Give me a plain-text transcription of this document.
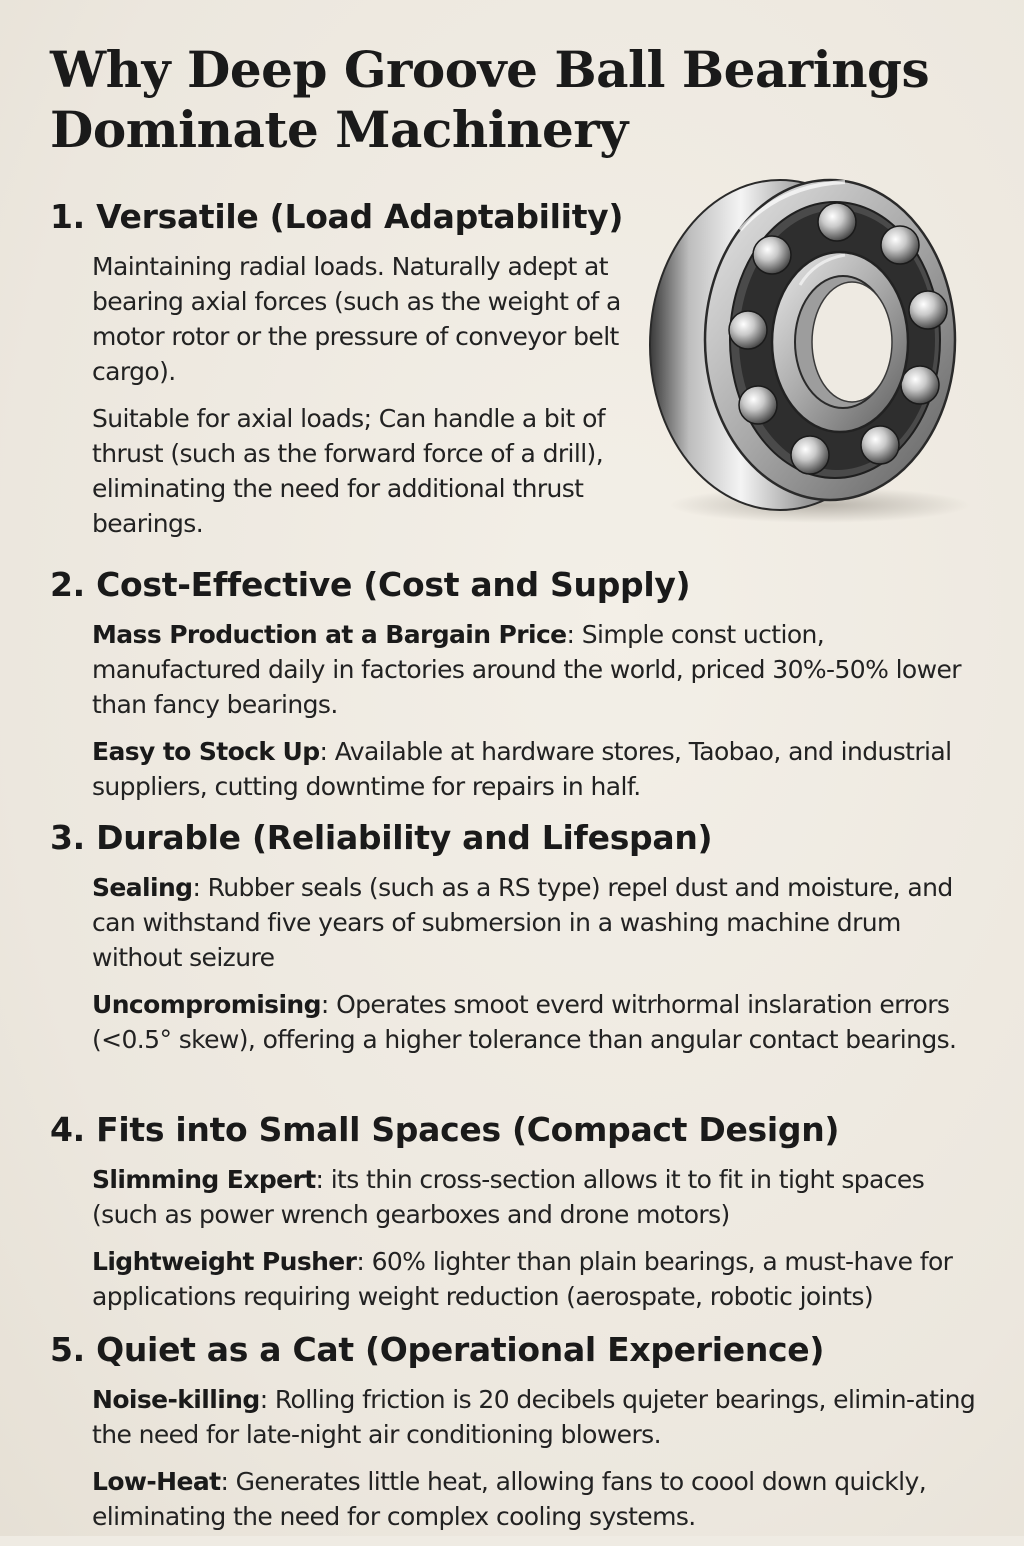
Why Deep Groove Ball Bearings
Dominate Machinery
1. Versatile (Load Adaptability)

Maintaining radial loads. Naturally adept at bearing axial forces (such as the weight of a motor rotor or the pressure of conveyor belt cargo).

Suitable for axial loads; Can handle a bit of thrust (such as the forward force of a drill), eliminating the need for additional thrust bearings.

2. Cost-Effective (Cost and Supply)

Mass Production at a Bargain Price: Simple const uction, manufactured daily in factories around the world, priced 30%-50% lower than fancy bearings.

Easy to Stock Up: Available at hardware stores, Taobao, and industrial suppliers, cutting downtime for repairs in half.

3. Durable (Reliability and Lifespan)

Sealing: Rubber seals (such as a RS type) repel dust and moisture, and can withstand five years of submersion in a washing machine drum without seizure

Uncompromising: Operates smoot everd witrhormal inslaration errors (<0.5° skew), offering a higher tolerance than angular contact bearings.

4. Fits into Small Spaces (Compact Design)

Slimming Expert: its thin cross-section allows it to fit in tight spaces (such as power wrench gearboxes and drone motors)

Lightweight Pusher: 60% lighter than plain bearings, a must-have for applications requiring weight reduction (aerospate, robotic joints)

5. Quiet as a Cat (Operational Experience)

Noise-killing: Rolling friction is 20 decibels qujeter bearings, elimin-ating the need for late-night air conditioning blowers.

Low-Heat: Generates little heat, allowing fans to coool down quickly, eliminating the need for complex cooling systems.
